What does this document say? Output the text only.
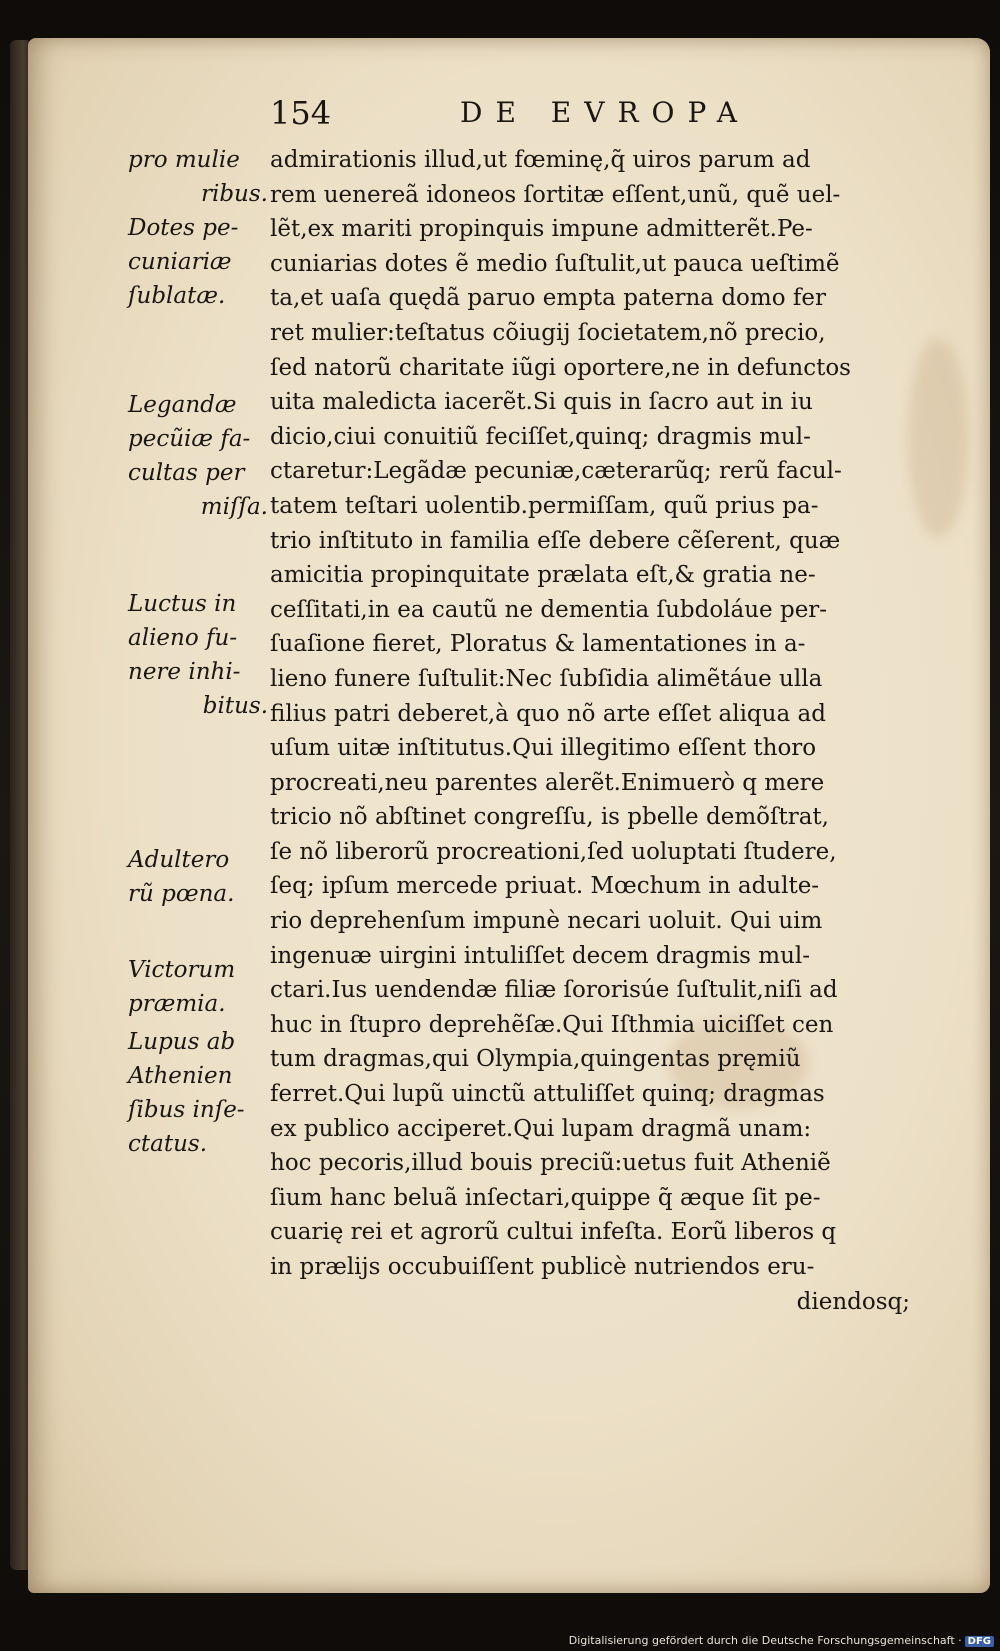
154	DE EVROPA
pro mulie
ribus.
Dotes pe-
cuniariæ
ſublatæ.
Legandæ
pecũiæ fa-
cultas per
miſſa.
Luctus in
alieno fu-
nere inhi-
bitus.
Adultero
rũ pœna.
Victorum
præmia.
Lupus ab
Athenien
ſibus inſe-
ctatus.
admirationis illud,ut fœminę,q̃ uiros parum ad
rem uenereã idoneos ſortitæ eſſent,unũ, quẽ uel-
lẽt,ex mariti propinquis impune admitterẽt.Pe-
cuniarias dotes ẽ medio ſuſtulit,ut pauca ueſtimẽ
ta,et uaſa quędã paruo empta paterna domo fer
ret mulier:teſtatus cõiugij ſocietatem,nõ precio,
ſed natorũ charitate iũgi oportere,ne in defunctos
uita maledicta iacerẽt.Si quis in ſacro aut in iu
dicio,ciui conuitiũ feciſſet,quinq; dragmis mul-
ctaretur:Legãdæ pecuniæ,cæterarũq; rerũ facul-
tatem teſtari uolentib.permiſſam, quũ prius pa-
trio inſtituto in familia eſſe debere cẽſerent, quæ
amicitia propinquitate prælata eſt,& gratia ne-
ceſſitati,in ea cautũ ne dementia ſubdoláue per-
ſuaſione fieret, Ploratus & lamentationes in a-
lieno funere ſuſtulit:Nec ſubſidia alimẽtáue ulla
filius patri deberet,à quo nõ arte eſſet aliqua ad
uſum uitæ inſtitutus.Qui illegitimo eſſent thoro
procreati,neu parentes alerẽt.Enimuerò q mere
tricio nõ abſtinet congreſſu, is pbelle demõſtrat,
ſe nõ liberorũ procreationi,ſed uoluptati ſtudere,
ſeq; ipſum mercede priuat. Mœchum in adulte-
rio deprehenſum impunè necari uoluit. Qui uim
ingenuæ uirgini intuliſſet decem dragmis mul-
ctari.Ius uendendæ filiæ ſororisúe ſuſtulit,niſi ad
huc in ſtupro deprehẽſæ.Qui Iſthmia uiciſſet cen
tum dragmas,qui Olympia,quingentas pręmiũ
ferret.Qui lupũ uinctũ attuliſſet quinq; dragmas
ex publico acciperet.Qui lupam dragmã unam:
hoc pecoris,illud bouis preciũ:uetus fuit Atheniẽ
ſium hanc beluã inſectari,quippe q̃ æque ſit pe-
cuarię rei et agrorũ cultui infeſta. Eorũ liberos q
in prælijs occubuiſſent publicè nutriendos eru-
diendosq;
Digitalisierung gefördert durch die Deutsche Forschungsgemeinschaft · DFG
